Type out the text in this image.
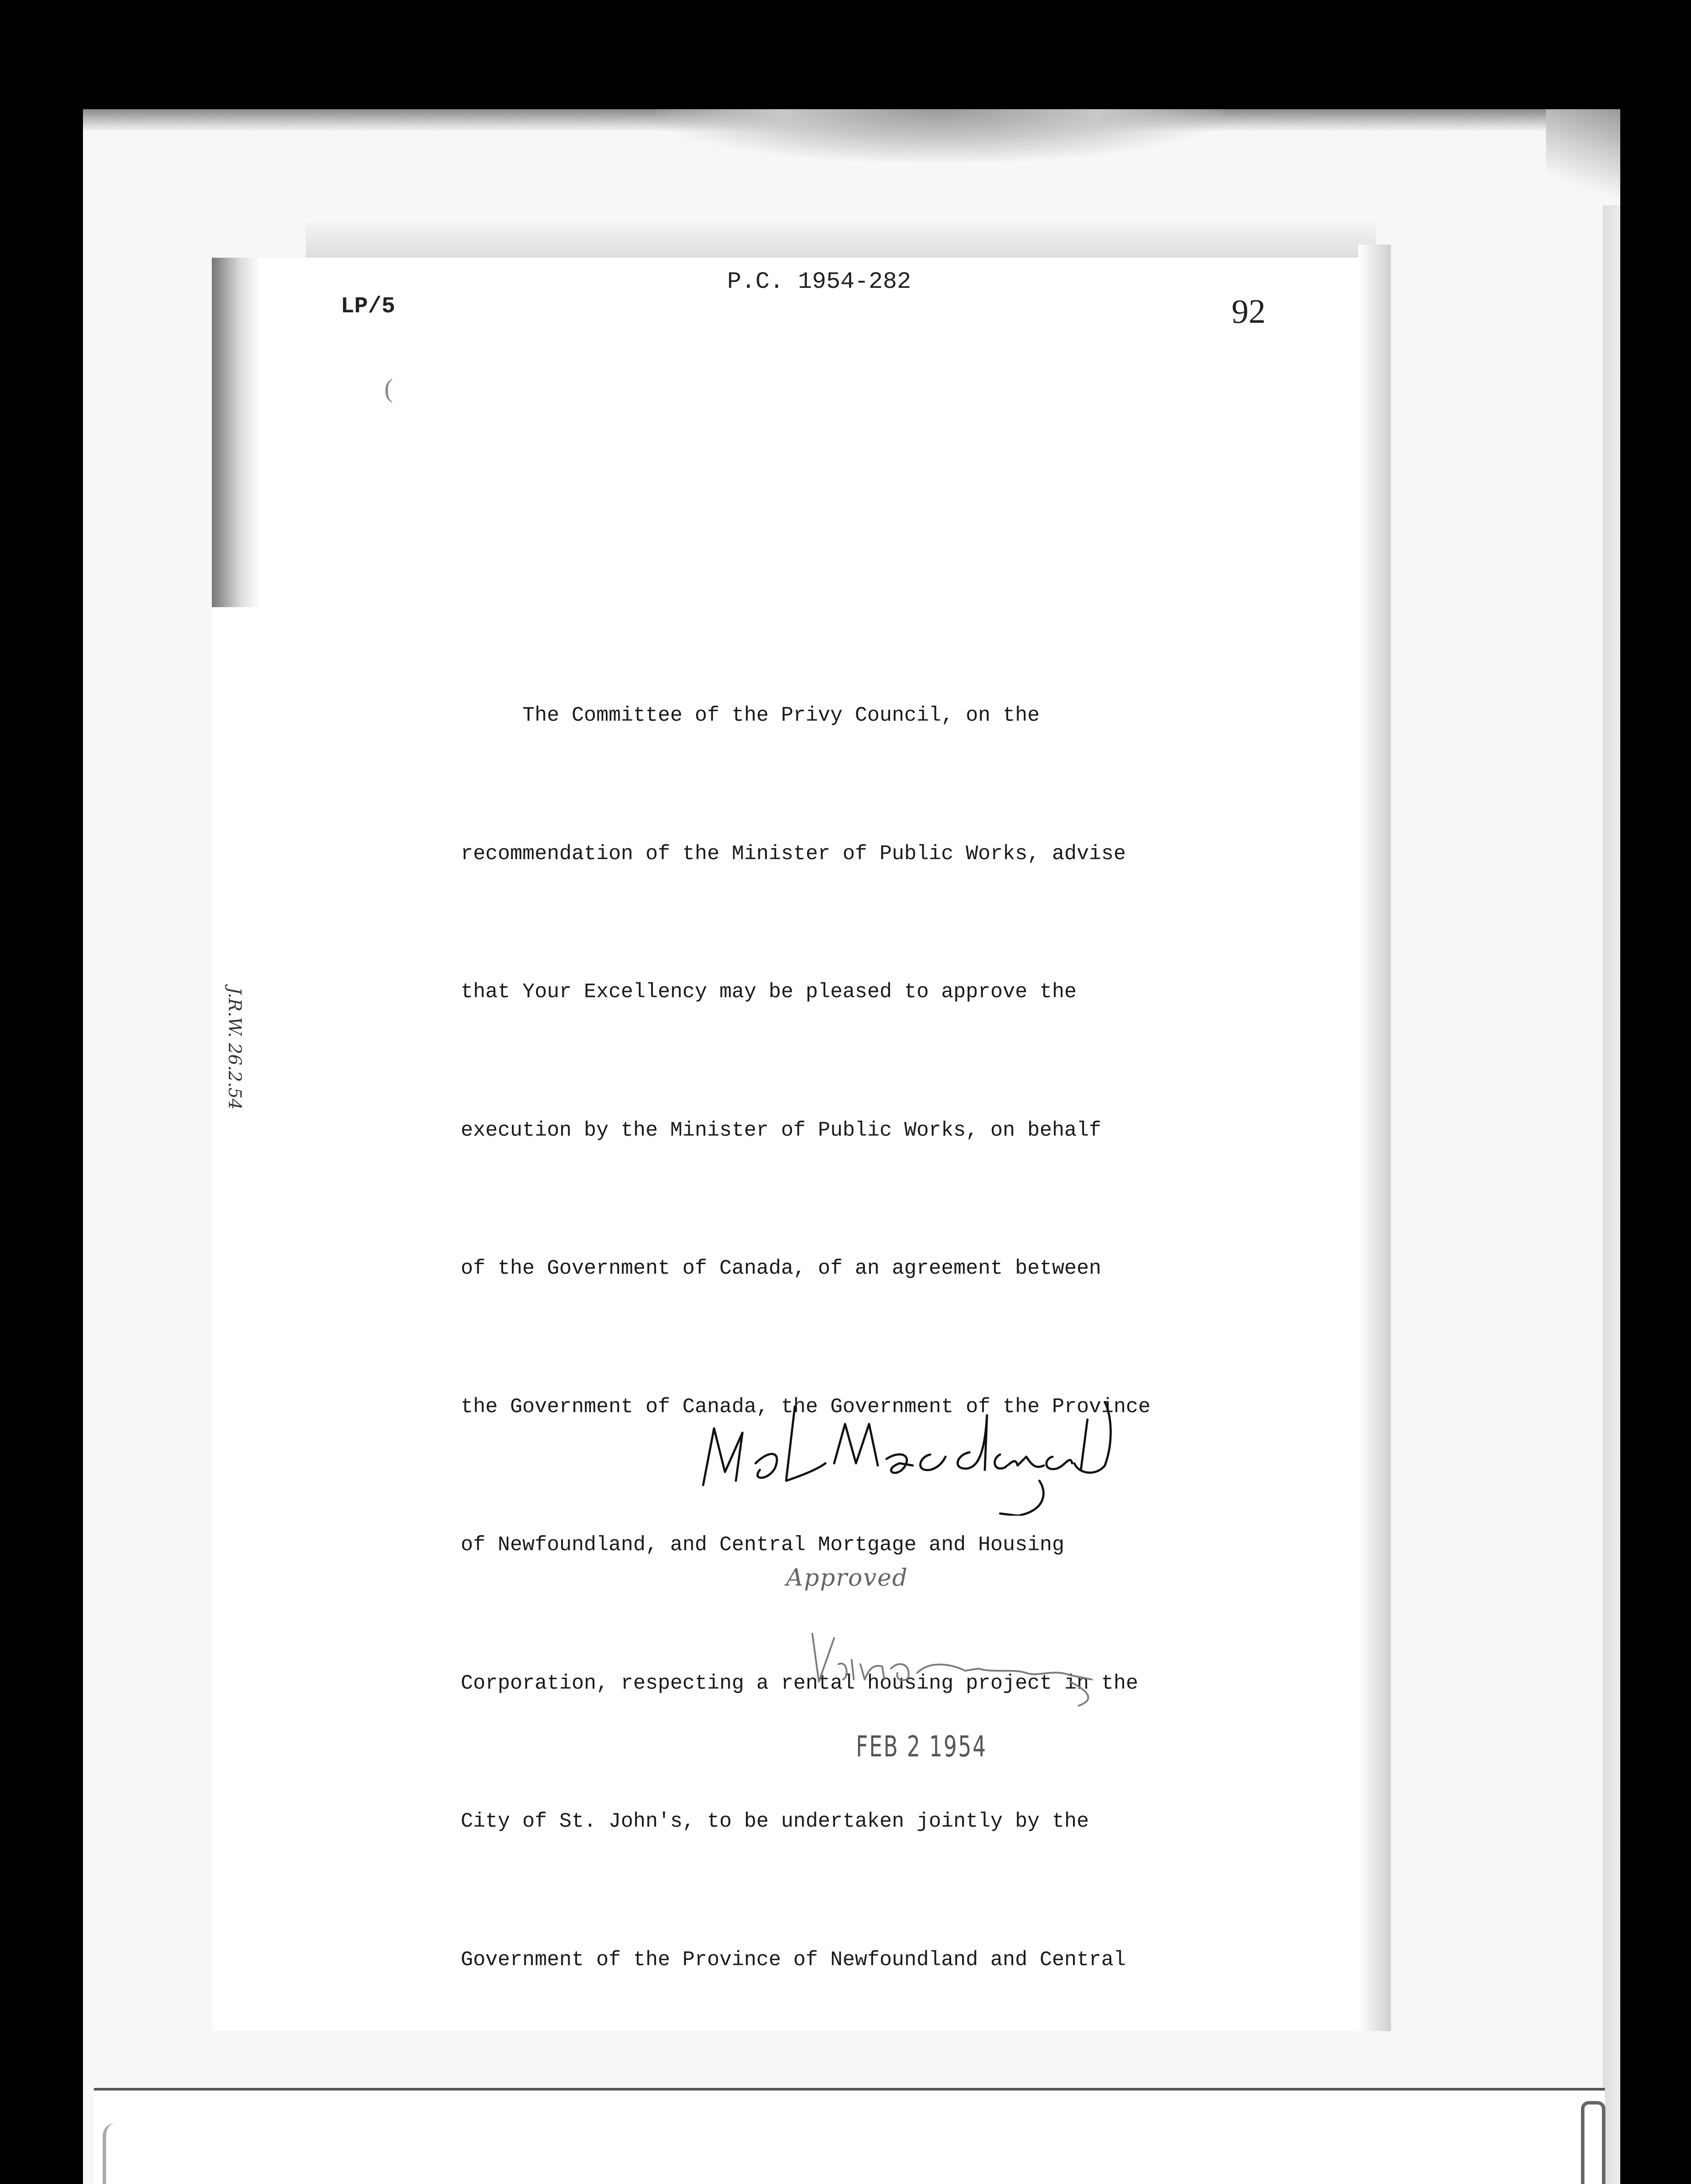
LP/5
P.C. 1954-282
92
(
J.R.W. 26.2.54

The Committee of the Privy Council, on the

recommendation of the Minister of Public Works, advise

that Your Excellency may be pleased to approve the

execution by the Minister of Public Works, on behalf

of the Government of Canada, of an agreement between

the Government of Canada, the Government of the Province

of Newfoundland, and Central Mortgage and Housing

Corporation, respecting a rental housing project in the

City of St. John's, to be undertaken jointly by the

Government of the Province of Newfoundland and Central

Approved
FEB 2 1954
